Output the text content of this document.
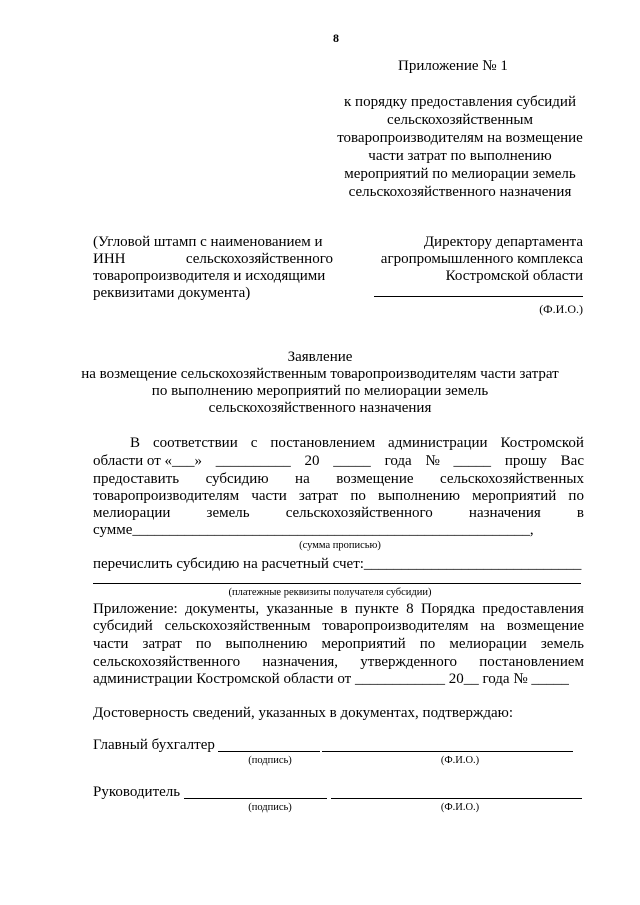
8
Приложение № 1
к порядку предоставления субсидий
сельскохозяйственным
товаропроизводителям на возмещение
части затрат по выполнению
мероприятий по мелиорации земель
сельскохозяйственного назначения
(Угловой штамп с наименованием и
ИНН	сельскохозяйственного
товаропроизводителя и исходящими
реквизитами документа)
Директору департамента
агропромышленного комплекса
Костромской области
(Ф.И.О.)
Заявление
на возмещение сельскохозяйственным товаропроизводителям части затрат
по выполнению мероприятий по мелиорации земель
сельскохозяйственного назначения
В соответствии с постановлением администрации Костромской
области от «___» __________ 20 _____ года № _____ прошу Вас
предоставить субсидию на возмещение сельскохозяйственных
товаропроизводителям части затрат по выполнению мероприятий по
мелиорации земель сельскохозяйственного назначения в
сумме_____________________________________________________,
(сумма прописью)
перечислить субсидию на расчетный счет:_____________________________
(платежные реквизиты получателя субсидии)
Приложение: документы, указанные в пункте 8 Порядка предоставления
субсидий сельскохозяйственным товаропроизводителям на возмещение
части затрат по выполнению мероприятий по мелиорации земель
сельскохозяйственного назначения, утвержденного постановлением
администрации Костромской области от ____________ 20__ года № _____
Достоверность сведений, указанных в документах, подтверждаю:
Главный бухгалтер
(подпись)	(Ф.И.О.)
Руководитель
(подпись)	(Ф.И.О.)
